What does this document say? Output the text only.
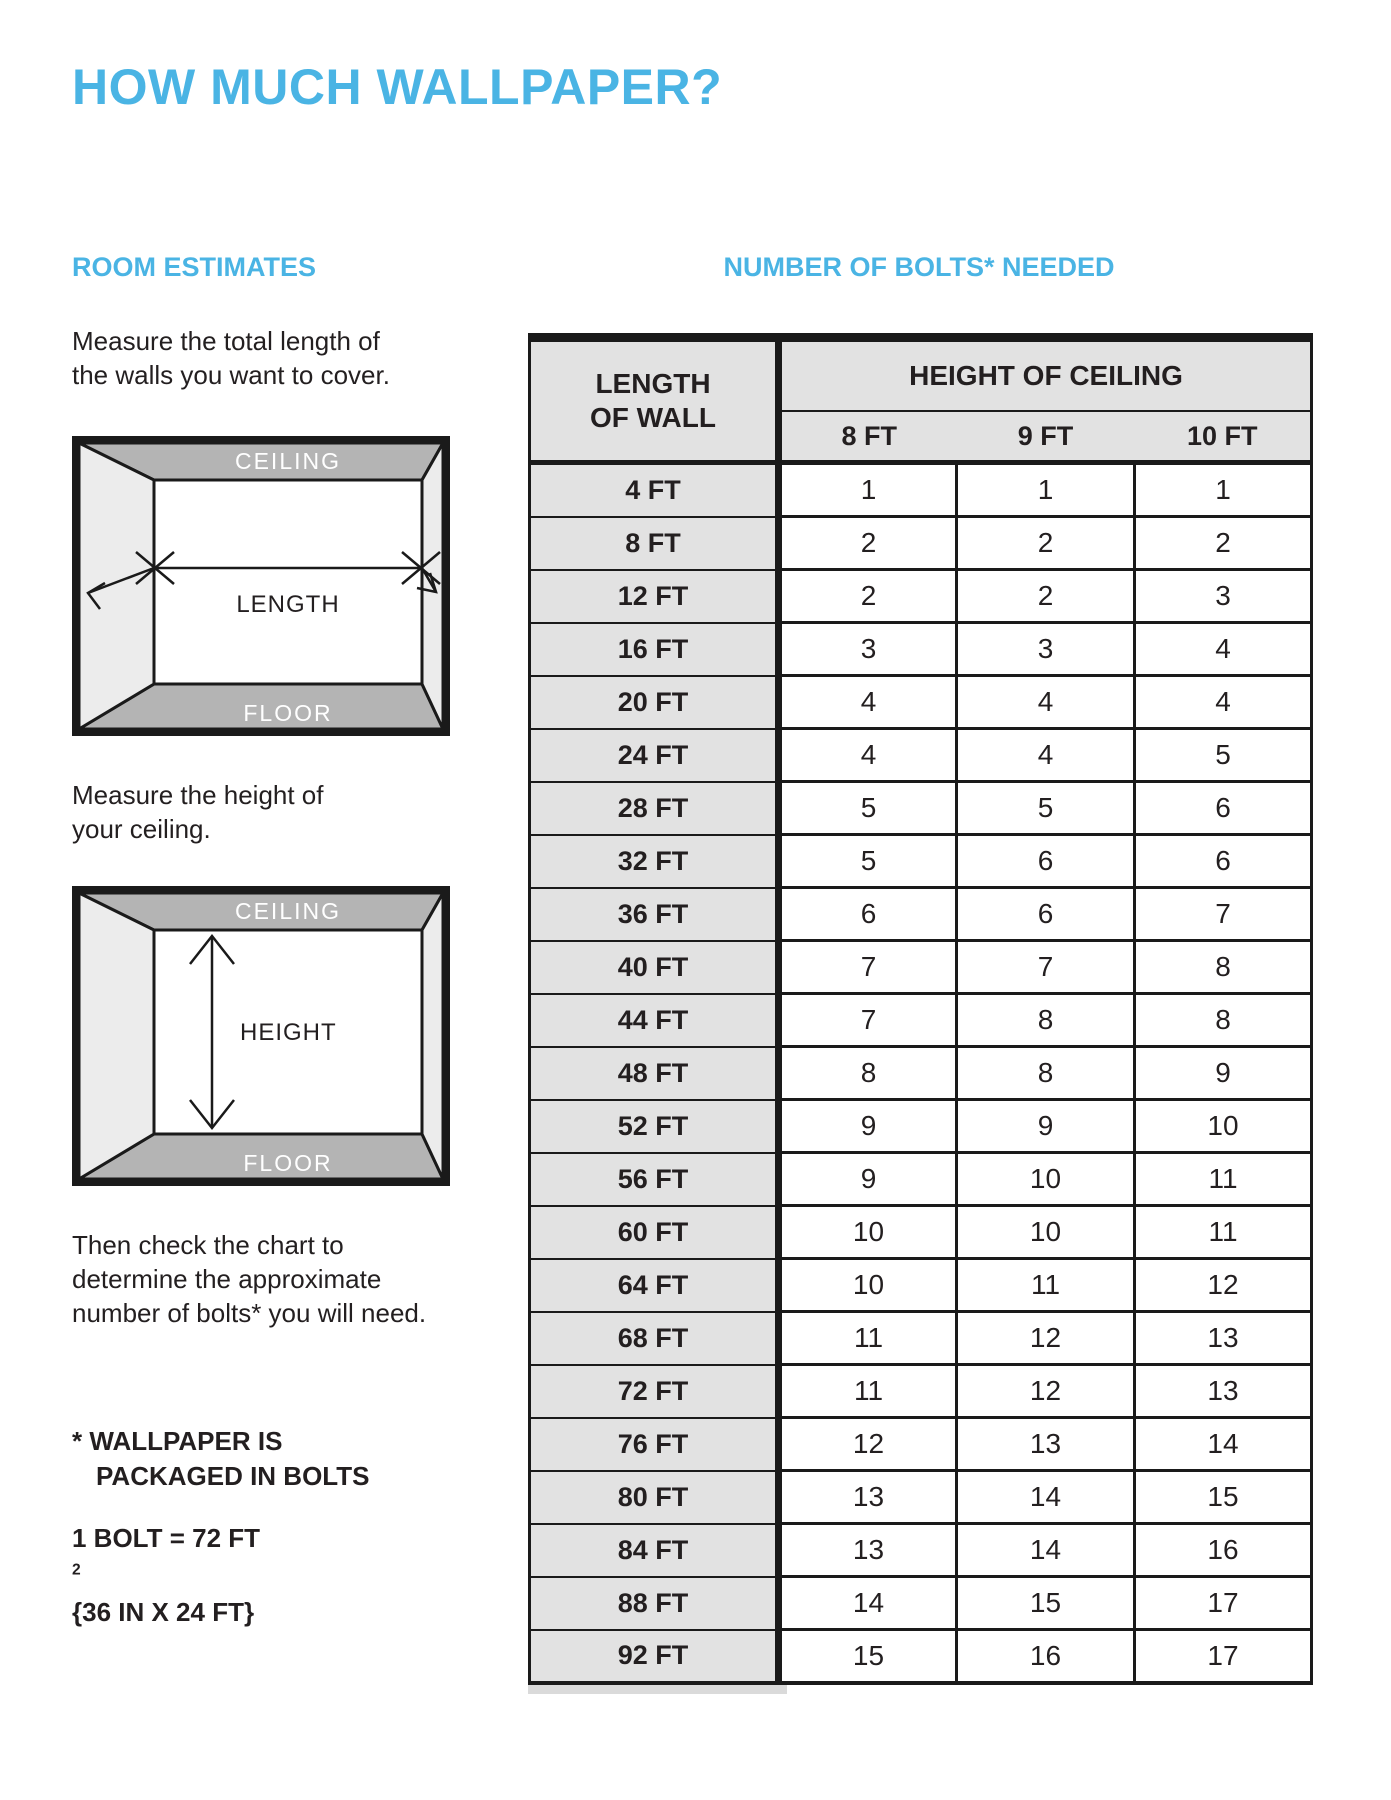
HOW MUCH WALLPAPER?
ROOM ESTIMATES

Measure the total length of
the walls you want to cover.

CEILING
FLOOR
LENGTH

Measure the height of
your ceiling.

CEILING
FLOOR
HEIGHT

Then check the chart to
determine the approximate
number of bolts* you will need.

* WALLPAPER IS
PACKAGED IN BOLTS

1 BOLT = 72 FT
$^2$
{36 IN X 24 FT}

NUMBER OF BOLTS* NEEDED
LENGTH
OF WALL	HEIGHT OF CEILING		
	8 FT	9 FT	10 FT
4 FT	1	1	1
8 FT	2	2	2
12 FT	2	2	3
16 FT	3	3	4
20 FT	4	4	4
24 FT	4	4	5
28 FT	5	5	6
32 FT	5	6	6
36 FT	6	6	7
40 FT	7	7	8
44 FT	7	8	8
48 FT	8	8	9
52 FT	9	9	10
56 FT	9	10	11
60 FT	10	10	11
64 FT	10	11	12
68 FT	11	12	13
72 FT	11	12	13
76 FT	12	13	14
80 FT	13	14	15
84 FT	13	14	16
88 FT	14	15	17
92 FT	15	16	17
